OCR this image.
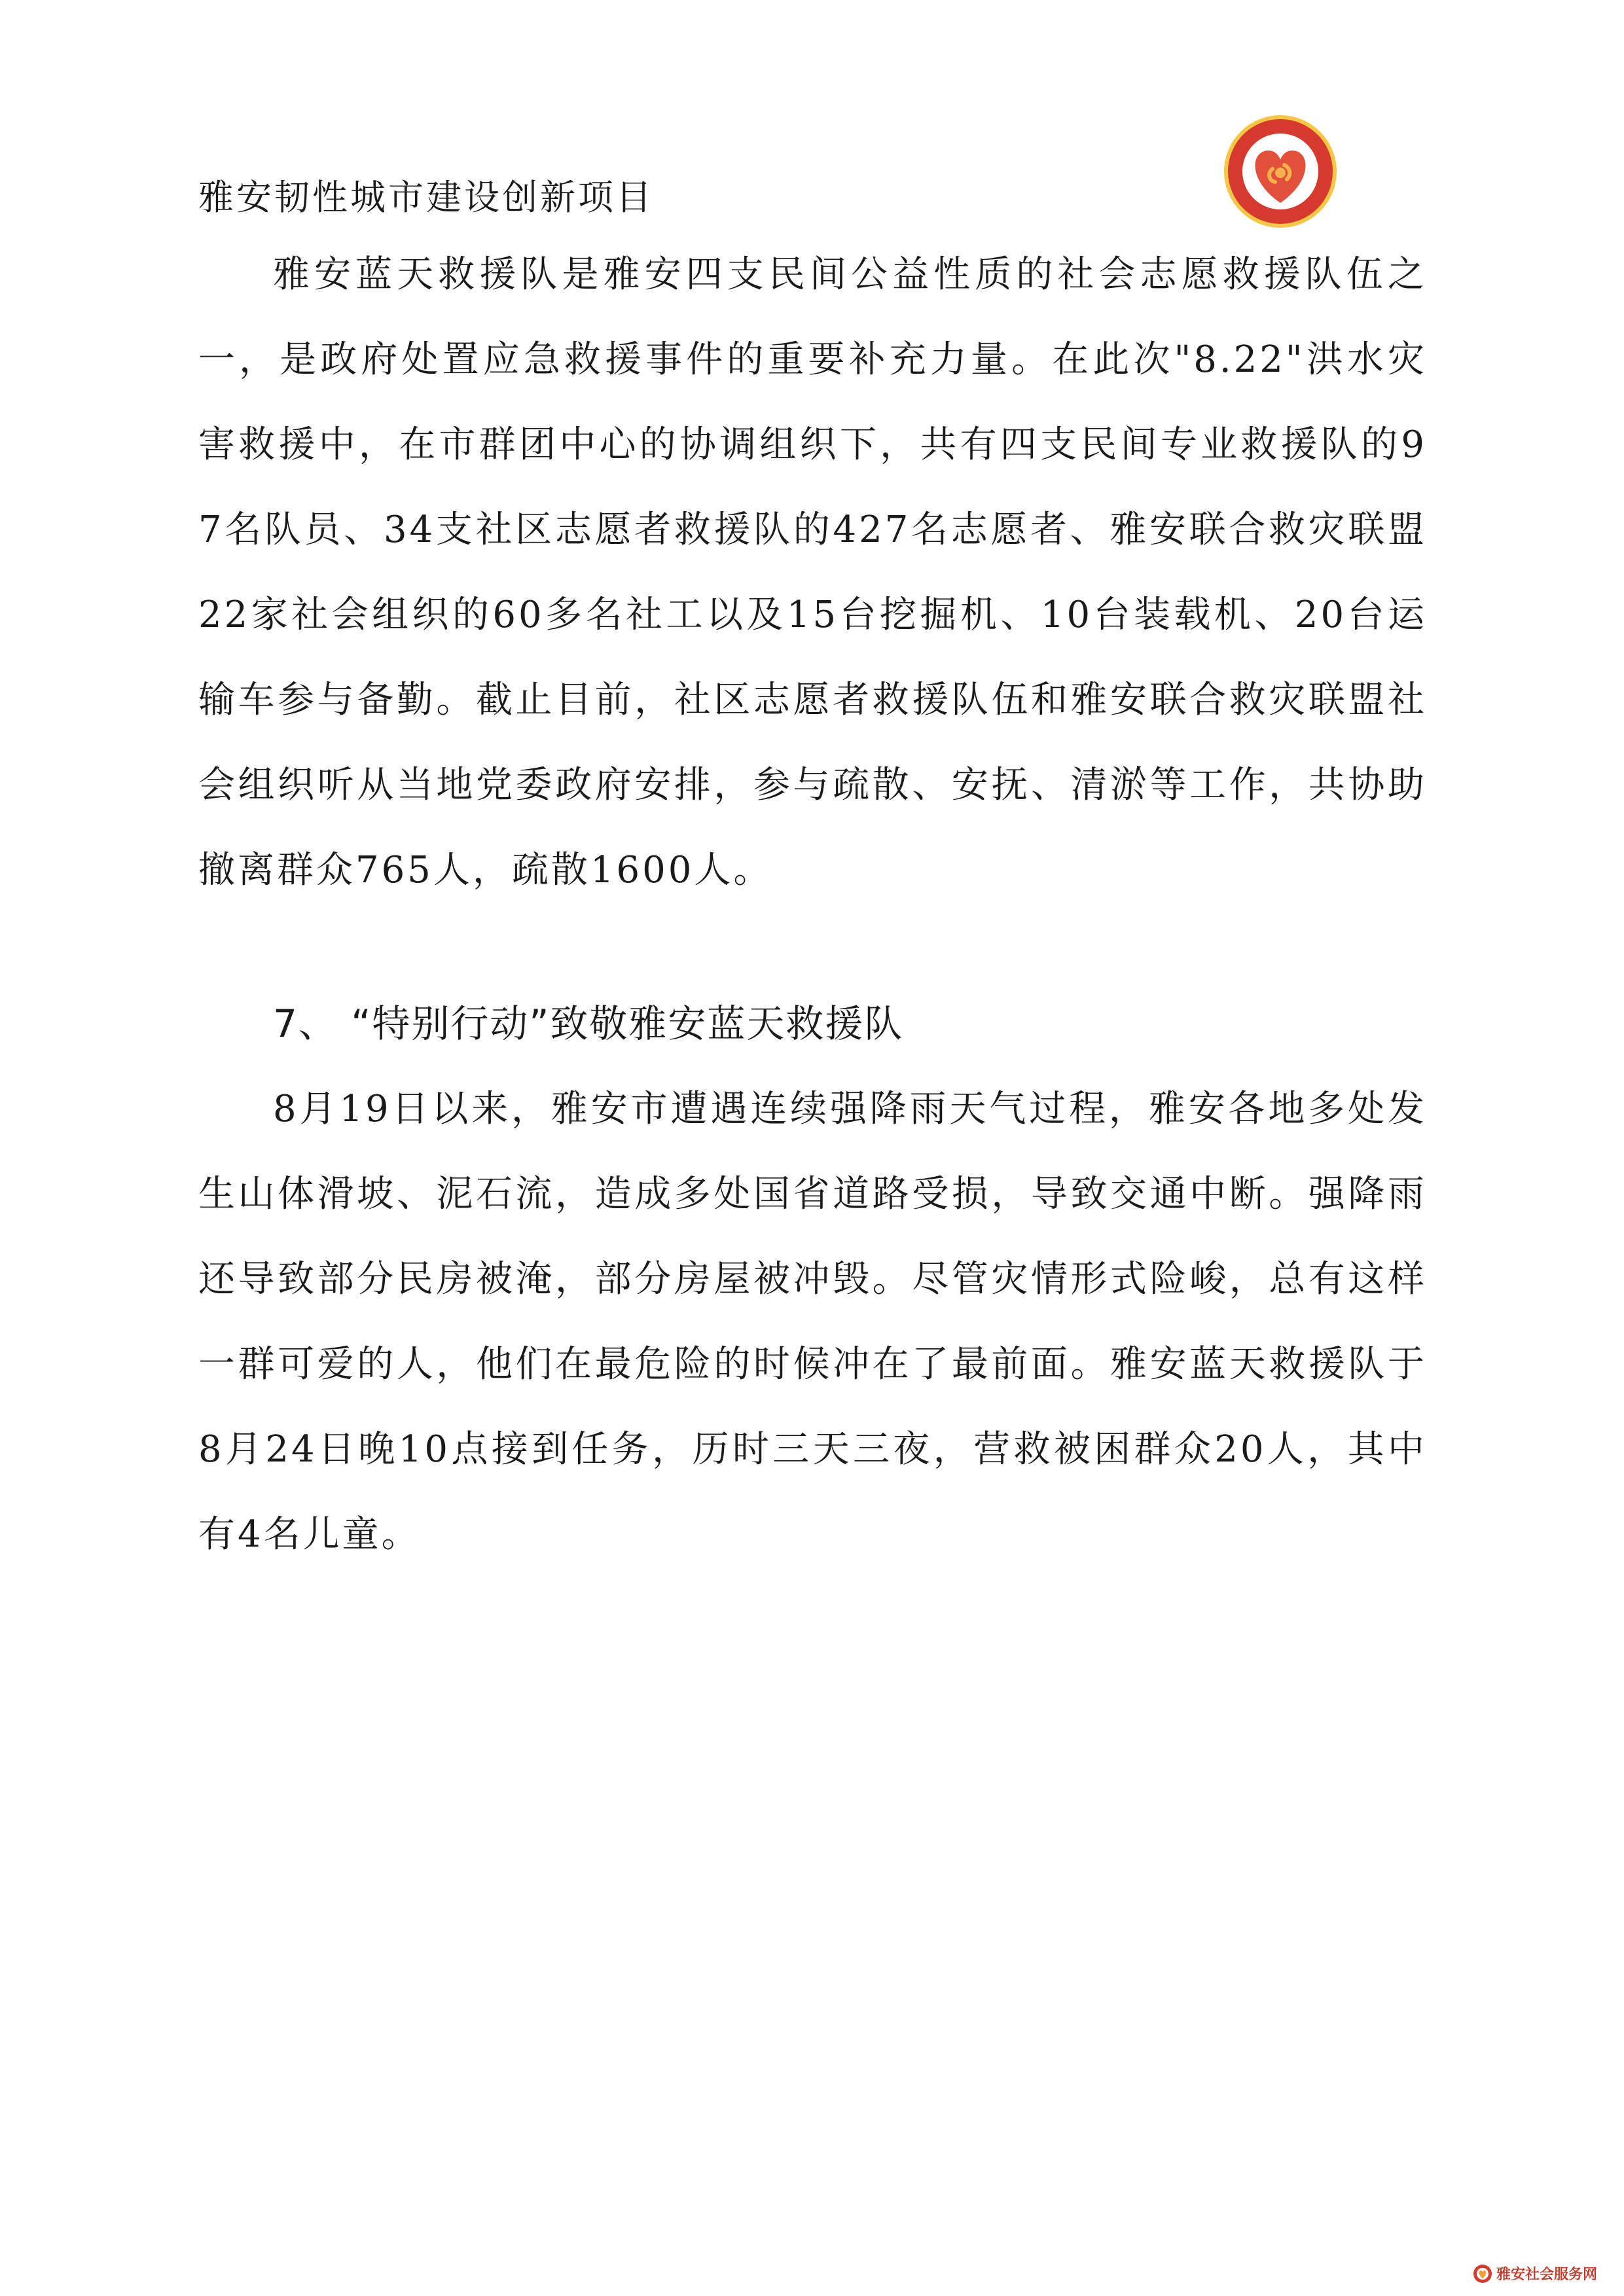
雅安韧性城市建设创新项目
雅安蓝天救援队是雅安四支民间公益性质的社会志愿救援队伍之一，是政府处置应急救援事件的重要补充力量。在此次"8.22"洪水灾害救援中，在市群团中心的协调组织下，共有四支民间专业救援队的97名队员、34支社区志愿者救援队的427名志愿者、雅安联合救灾联盟22家社会组织的60多名社工以及15台挖掘机、10台装载机、20台运输车参与备勤。截止目前，社区志愿者救援队伍和雅安联合救灾联盟社会组织听从当地党委政府安排，参与疏散、安抚、清淤等工作，共协助撤离群众765人，疏散1600人。
7、 “特别行动”致敬雅安蓝天救援队
8月19日以来，雅安市遭遇连续强降雨天气过程，雅安各地多处发生山体滑坡、泥石流，造成多处国省道路受损，导致交通中断。强降雨还导致部分民房被淹，部分房屋被冲毁。尽管灾情形式险峻，总有这样一群可爱的人，他们在最危险的时候冲在了最前面。雅安蓝天救援队于8月24日晚10点接到任务，历时三天三夜，营救被困群众20人，其中有4名儿童。
雅安社会服务网
